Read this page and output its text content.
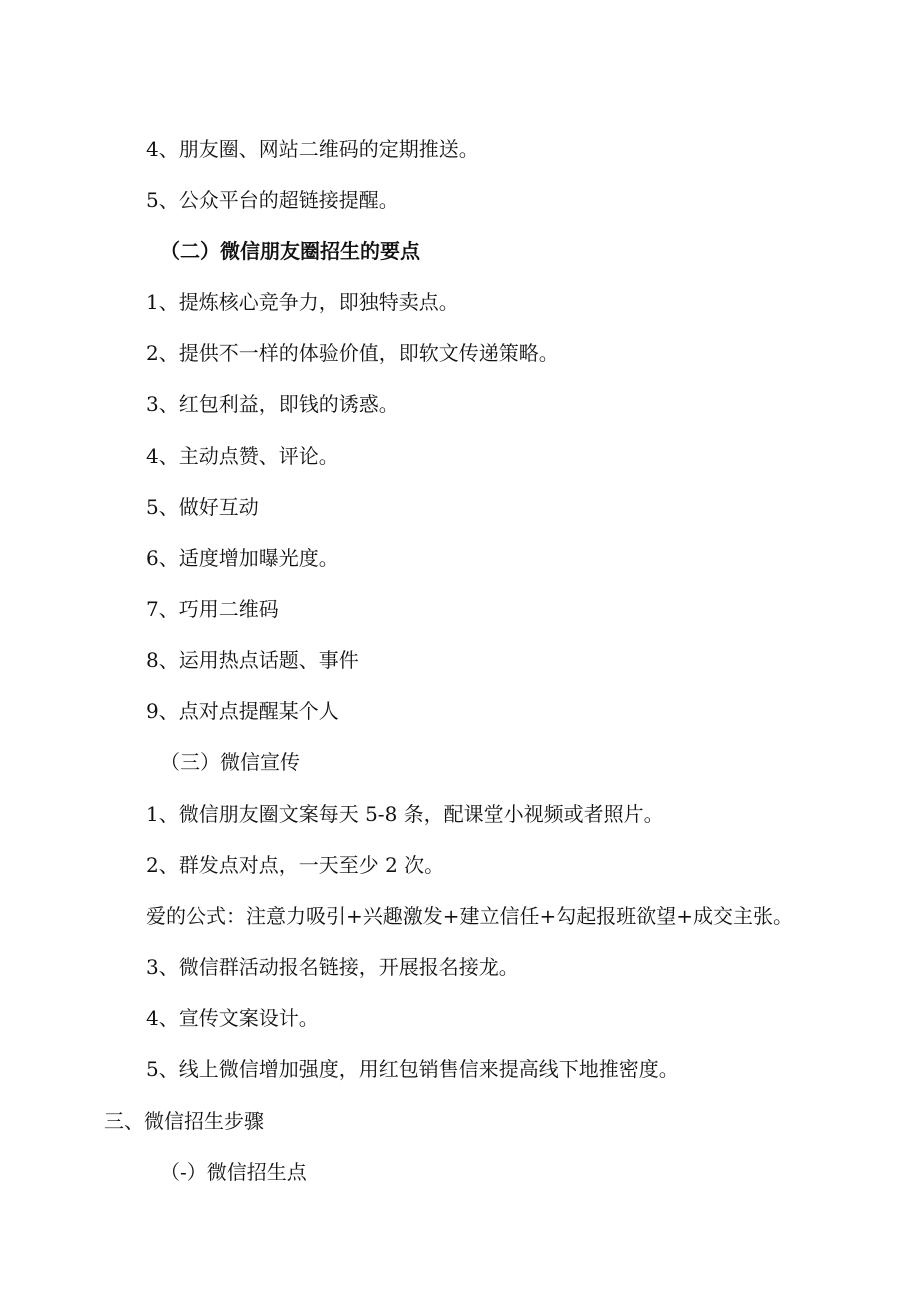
4、朋友圈、网站二维码的定期推送。

5、公众平台的超链接提醒。

（二）微信朋友圈招生的要点

1、提炼核心竞争力，即独特卖点。

2、提供不一样的体验价值，即软文传递策略。

3、红包利益，即钱的诱惑。

4、主动点赞、评论。

5、做好互动

6、适度增加曝光度。

7、巧用二维码

8、运用热点话题、事件

9、点对点提醒某个人

（三）微信宣传

1、微信朋友圈文案每天 5-8 条，配课堂小视频或者照片。

2、群发点对点，一天至少 2 次。

爱的公式：注意力吸引+兴趣激发+建立信任+勾起报班欲望+成交主张。

3、微信群活动报名链接，开展报名接龙。

4、宣传文案设计。

5、线上微信增加强度，用红包销售信来提高线下地推密度。

三、微信招生步骤

（-）微信招生点
